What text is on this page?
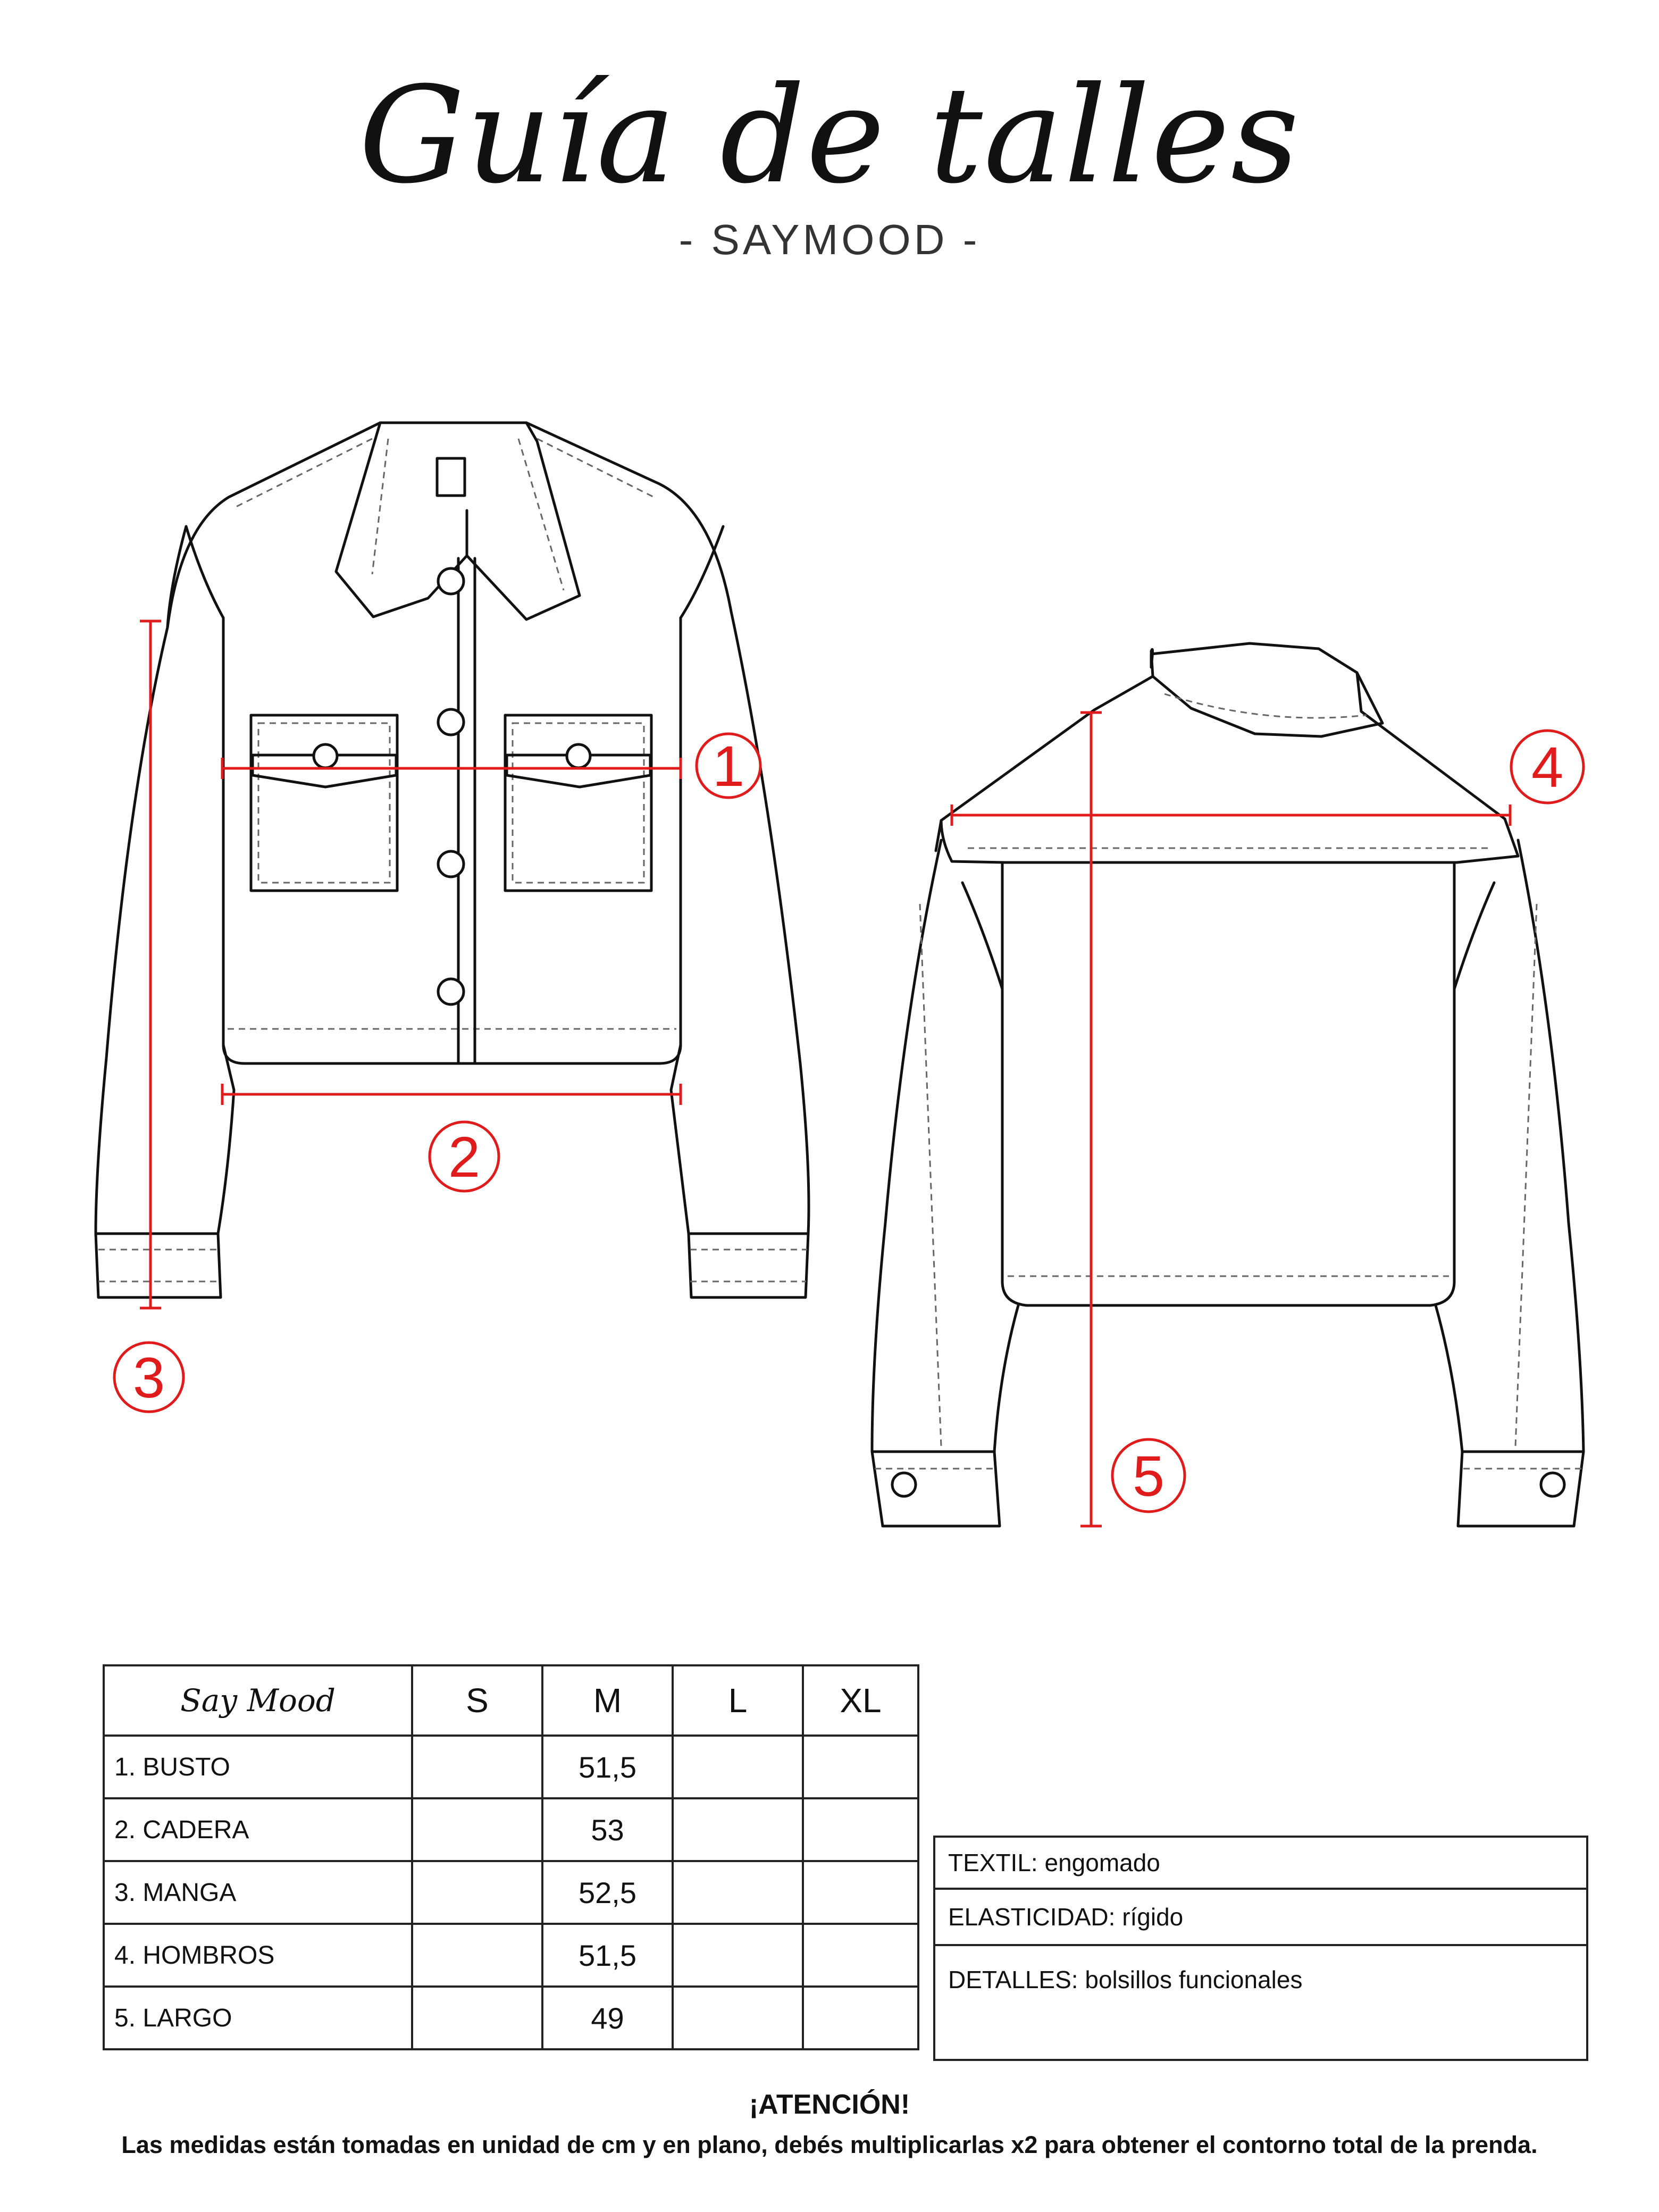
Guía de talles
- SAYMOOD -
1
2
3
4
5
Say Mood	S	M	L	XL
1. BUSTO		51,5		
2. CADERA		53		
3. MANGA		52,5		
4. HOMBROS		51,5		
5. LARGO		49		
TEXTIL: engomado
ELASTICIDAD: rígido
DETALLES: bolsillos funcionales
¡ATENCIÓN!
Las medidas están tomadas en unidad de cm y en plano, debés multiplicarlas x2 para obtener el contorno total de la prenda.
